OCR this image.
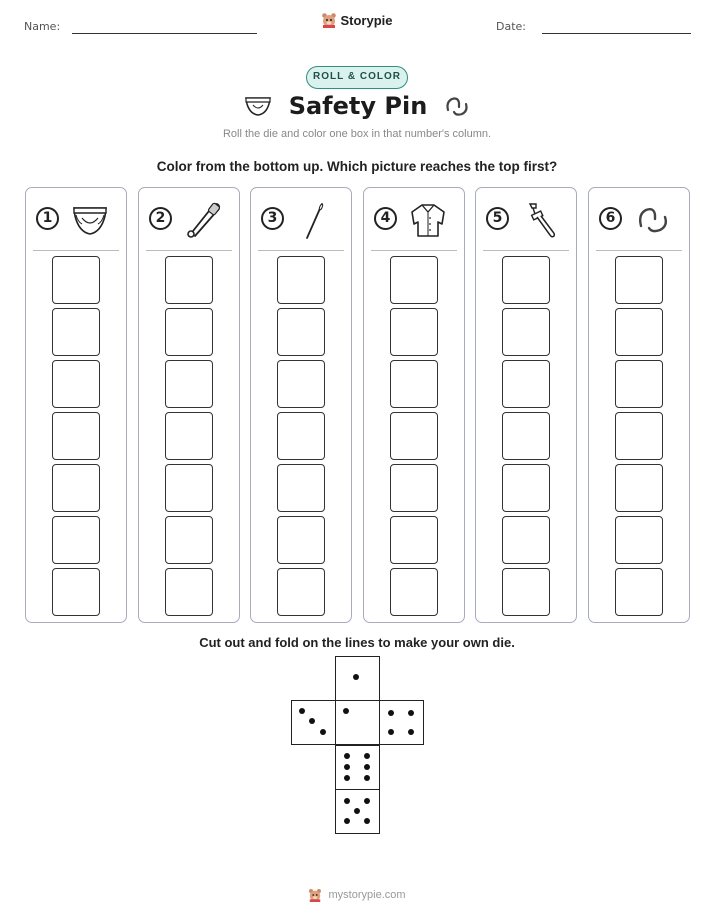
Name:	Storypie	Date:
ROLL & COLOR
Safety Pin
Roll the die and color one box in that number's column.
Color from the bottom up. Which picture reaches the top first?
1	2	3	4	5	6
Cut out and fold on the lines to make your own die.
mystorypie.com
